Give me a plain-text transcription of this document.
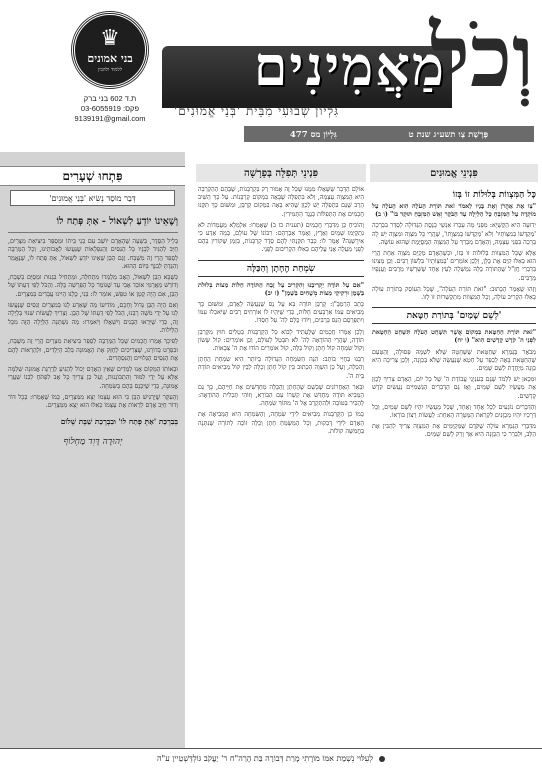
♛
בני אמונים
ללמוד ולהבין
ת.ד 602 בני ברק
פקס: 03-6055919
9139191@gmail.com
וְכֹל
מַאֲמִינִים
גִּלְיוֹן שְׁבוּעִי מִבֵּית 'בְּנֵי אֱמוּנִים'
פָּרָשַׁת צַו תשע״ג שנת ט
גִּלְיוֹן מס 477
פִּתְחוּ שְׁעָרִים
דְּבַר מוֹסַד נְשִׂיא 'בְּנֵי אֱמוּנִים'
וְשֶׁאֵינוֹ יוֹדֵעַ לִשְׁאוֹל - אַתְּ פְּתַח לוֹ

בְּלֵיל הַסֵּדֶר, בְּשָׁעָה שֶׁהָאָדָם יוֹשֵׁב עִם בְּנֵי בֵּיתוֹ וּמְסַפֵּר בִּיצִיאַת מִצְרַיִם, חַיָּב לְהַגִּיד לְבָנָיו כָּל הַנִּסִּים וְהַנִּפְלָאוֹת שֶׁנַּעֲשׂוּ לַאֲבוֹתֵינוּ, וְכָל הַמַּרְבֶּה לְסַפֵּר הֲרֵי זֶה מְשֻׁבָּח. וְגַם הַבֵּן שֶׁאֵינוֹ יוֹדֵעַ לִשְׁאוֹל, אַתְּ פְּתַח לוֹ, שֶׁנֶּאֱמַר וְהִגַּדְתָּ לְבִנְךָ בַּיּוֹם הַהוּא.

כְּשֶׁבָּא הַבֵּן לִשְׁאוֹל, הָאָב מְלַמְּדוֹ מִתְחִלָּה, וּמַתְחִיל בִּגְנוּת וּמְסַיֵּם בְּשֶׁבַח, וְדוֹרֵשׁ מֵאֲרַמִּי אוֹבֵד אָבִי עַד שֶׁגּוֹמֵר כָּל הַפָּרָשָׁה כֻּלָּהּ. וְהַכֹּל לְפִי דַּעְתּוֹ שֶׁל הַבֵּן, אִם הָיָה קָטָן אוֹ טִפֵּשׁ, אוֹמֵר לוֹ: בְּנִי, כֻּלָּנוּ הָיִינוּ עֲבָדִים בְּמִצְרַיִם.

וְאִם הָיָה הַבֵּן גָּדוֹל וְחָכָם, מוֹדִיעוֹ מַה שֶּׁאֵרַע לָנוּ בְּמִצְרַיִם וְנִסִּים שֶׁנַּעֲשׂוּ לָנוּ עַל יְדֵי מֹשֶׁה רַבֵּנוּ, הַכֹּל לְפִי דַּעְתּוֹ שֶׁל הַבֵּן. וְצָרִיךְ לַעֲשׂוֹת שִׁנּוּי בְּלַיְלָה זֶה, כְּדֵי שֶׁיִּרְאוּ הַבָּנִים וְיִשְׁאֲלוּ וְיֹאמְרוּ: מַה נִּשְׁתַּנָּה הַלַּיְלָה הַזֶּה מִכָּל הַלֵּילוֹת.

לְפִיכָךְ אָמְרוּ חֲכָמִים שֶׁכָּל הַמַּרְבֶּה לְסַפֵּר בִּיצִיאַת מִצְרַיִם הֲרֵי זֶה מְשֻׁבָּח, וּבִפְרָט בְּדוֹרֵנוּ, שֶׁצְּרִיכִים לְחַזֵּק אֶת הָאֱמוּנָה בְּלֵב הַיְּלָדִים, וּלְהַרְאוֹת לָהֶם אֶת הַנִּסִּים הַגְּלוּיִים וְהַנִּסְתָּרִים.

וּבְאוֹתוֹ הַמָּקוֹם אָנוּ לְמֵדִים שֶׁאֵין הָאָדָם יָכוֹל לְהַגִּיעַ לְדַרְגַּת אֱמוּנָה שְׁלֵמָה אֶלָּא עַל יְדֵי לִמּוּד וְהִתְבּוֹנְנוּת, וְעַל כֵּן צָרִיךְ כָּל אָב לִפְתֹּחַ לִבְנוֹ שַׁעֲרֵי אֱמוּנָה, כְּדֵי שֶׁיִּכָּנֵס בָּהֶם בְּשִׂמְחָה.

וְהָעִקָּר שֶׁיַּרְגִּישׁ הַבֵּן כִּי הוּא עַצְמוֹ יָצָא מִמִּצְרַיִם, כְּמוֹ שֶׁאָמְרוּ: בְּכָל דּוֹר וָדוֹר חַיָּב אָדָם לִרְאוֹת אֶת עַצְמוֹ כְּאִלּוּ הוּא יָצָא מִמִּצְרַיִם.

בְּבִרְכַּת 'אַתְּ פְּתַח לוֹ' וּבִבְרָכַת שַׁבָּת שָׁלוֹם
יְהוּדָה דָּוִד מַחְלוֹף
פִּנְינֵי אֱמוּנִים
פִּנְינֵי תְּפִלָּה בְּפָרָשָׁה
כָּל הַמִּצְווֹת בְּלוּלוֹת זוֹ בְּזוֹ

"צַו אֶת אַהֲרֹן וְאֶת בָּנָיו לֵאמֹר זֹאת תּוֹרַת הָעֹלָה הִוא הָעֹלָה עַל מוֹקְדָה עַל הַמִּזְבֵּחַ כָּל הַלַּיְלָה עַד הַבֹּקֶר וְאֵשׁ הַמִּזְבֵּחַ תּוּקַד בּוֹ" (ו ב)

יְדוּעָה הִיא הַקֻּשְׁיָא: מִפְּנֵי מָה עָבְרוּ אַנְשֵׁי כְּנֶסֶת הַגְּדוֹלָה לְסַדֵּר בִּבְרָכָה 'מְקַדְּשׁוֹ בְּמִצְוֹתָיו' וְלֹא 'מְקַדְּשׁוֹ בְּמִצְוָתוֹ', שֶׁהֲרֵי כָּל מִצְוָה וּמִצְוָה יֵשׁ לָהּ בְּרָכָה בִּפְנֵי עַצְמָהּ, וְהָאָדָם מְבָרֵךְ עַל הַמִּצְוָה הַמְסֻיֶּמֶת שֶׁהוּא עוֹשֶׂה.

אֶלָּא שֶׁכָּל הַמִּצְווֹת בְּלוּלוֹת זוֹ בְּזוֹ, וּכְשֶׁהָאָדָם מְקַיֵּם מִצְוָה אַחַת הֲרֵי הוּא כְּאִלּוּ קִיֵּם אֶת כֻּלָּן, וְלָכֵן אוֹמְרִים 'בְּמִצְוֹתָיו' בִּלְשׁוֹן רַבִּים. וְכֵן מָצִינוּ בְּדִבְרֵי חֲזַ"ל שֶׁהַתּוֹרָה כֻּלָּהּ נִמְשְׁלָה לְעֵץ אֶחָד שֶׁשָּׁרָשָׁיו מְרֻבִּים וַעֲנָפָיו מְרֻבִּים.

וְזֶהוּ שֶׁאָמַר הַכָּתוּב: "זֹאת תּוֹרַת הָעֹלָה", שֶׁכָּל הָעוֹסֵק בְּתוֹרַת עוֹלָה כְּאִלּוּ הִקְרִיב עוֹלָה, וְכָל הַמִּצְווֹת מִתְקַשְּׁרוֹת זוֹ לְזוֹ.

'לְשֵׁם שָׁמַיִם' בְּתוֹרַת חַטָּאת

"זֹאת תּוֹרַת הַחַטָּאת בִּמְקוֹם אֲשֶׁר תִּשָּׁחֵט הָעֹלָה תִּשָּׁחֵט הַחַטָּאת לִפְנֵי ה' קֹדֶשׁ קָדָשִׁים הִוא" (ו יח)

מְבֹאָר בַּגְּמָרָא שֶׁחַטָּאת שֶׁשְּׁחָטָהּ שֶׁלֹּא לִשְׁמָהּ פְּסוּלָה, וְהַטַּעַם שֶׁהַחַטָּאת בָּאָה לְכַפֵּר עַל חֵטְא שֶׁנַּעֲשָׂה שֶׁלֹּא בְּכַוָּנָה, וְלָכֵן צְרִיכָה הִיא כַּוָּנָה מְיֻחֶדֶת לְשֵׁם שָׁמַיִם.

וּמִכָּאן יֵשׁ לִלְמֹד שֶׁגַּם בְּעִנְיְנֵי עֲבוֹדַת ה' שֶׁל כָּל יוֹם, הָאָדָם צָרִיךְ לְכַוֵּן אֶת מַעֲשָׂיו לְשֵׁם שָׁמַיִם, וְאָז גַּם הַדְּבָרִים הַגַּשְׁמִיִּים נַעֲשִׂים קֹדֶשׁ קָדָשִׁים.

וְהַדְּבָרִים נוֹגְעִים לְכָל אֶחָד וְאֶחָד, שֶׁכָּל מַעֲשָׂיו יִהְיוּ לְשֵׁם שָׁמַיִם, וְכָל דְּרָכָיו יִהְיוּ מְכֻוָּנִים לִקְרָאת הַמַּטָּרָה הָאַחַת: לַעֲשׂוֹת רְצוֹן בּוֹרְאוֹ.

מִדִּבְרֵי הַגְּמָרָא עוֹלֶה שֶׁקֹּדֶם שֶׁמְּקַיְּמִים אֶת הַמִּצְוָה צָרִיךְ לְהַכִּין אֶת הַלֵּב, וּלְבָרֵר כִּי הַכַּוָּנָה הִיא אַךְ וְרַק לְשֵׁם שָׁמַיִם.

אוֹלָם הַדָּבָר שֶׁשָּׁאֲלוּ מִמֶּנּוּ שֶׁכָּל זֶה אָמוּר רַק בְּקָרְבָּנוֹת, שֶׁבָּהֶם הַהַקְרָבָה הִיא הַמִּצְוָה עַצְמָהּ, וְלֹא בִּתְפִלָּה שֶׁבָּאָה בִּמְקוֹם קָרְבָּנוֹת. עַל כָּךְ הֵשִׁיב הָרַב שֶׁגַּם בִּתְפִלָּה יֵשׁ לְכַוֵּן שֶׁהִיא בָּאָה בִּמְקוֹם קָרְבָּן, וּמִשּׁוּם כָּךְ תִּקְּנוּ חֲכָמִים אֶת הַתְּפִלּוֹת כְּנֶגֶד הַתְּמִידִין.

וְהוֹכִיחַ כֵּן מִדִּבְרֵי חֲכָמִים (תענית כז ב) שֶׁאָמְרוּ: אִלְמָלֵא מַעֲמָדוֹת לֹא נִתְקַיְּמוּ שָׁמַיִם וָאָרֶץ, וְאָמַר אַבְרָהָם: רִבּוֹנוֹ שֶׁל עוֹלָם, בְּמָה אֵדַע כִּי אִירָשֶׁנָּה? אָמַר לוֹ: כְּבָר תִּקַּנְתִּי לָהֶם סֵדֶר קָרְבָּנוֹת, בִּזְמַן שֶׁקּוֹרִין בָּהֶם לְפָנַי מַעֲלֶה אֲנִי עֲלֵיהֶם כְּאִלּוּ הִקְרִיבוּם לְפָנַי.

שִׂמְחַת הֶחָתָן וְהַכַּלָּה

"אִם עַל תּוֹדָה יַקְרִיבֶנּוּ וְהִקְרִיב עַל זֶבַח הַתּוֹדָה חַלּוֹת מַצּוֹת בְּלוּלֹת בַּשֶּׁמֶן וּרְקִיקֵי מַצּוֹת מְשֻׁחִים בַּשָּׁמֶן" (ז יב)

כָּתַב הָרַמְבַּ"ן: קָרְבַּן תּוֹדָה בָּא עַל נֵס שֶׁנַּעֲשָׂה לָאָדָם, וּמִשּׁוּם כָּךְ מְבִיאִים עִמּוֹ אַרְבָּעִים חַלּוֹת, כְּדֵי שֶׁיִּהְיוּ לוֹ אוֹרְחִים רַבִּים שֶׁיֹּאכְלוּ עִמּוֹ וְיִתְפַּרְסֵם הַנֵּס בָּרַבִּים, וְיוֹדוּ כֻּלָּם לַה' עַל חַסְדּוֹ.

וְלָכֵן אָמְרוּ חֲכָמִים שֶׁלֶּעָתִיד לָבוֹא כָּל הַקָּרְבָּנוֹת בְּטֵלִים חוּץ מִקָּרְבַּן תּוֹדָה, שֶׁהֲרֵי הַהוֹדָאָה לַה' לֹא תִּבָּטֵל לְעוֹלָם, וְכֵן אוֹמְרִים: קוֹל שָׂשׂוֹן וְקוֹל שִׂמְחָה קוֹל חָתָן וְקוֹל כַּלָּה, קוֹל אוֹמְרִים הוֹדוּ אֶת ה' צְבָאוֹת.

רַבֵּנוּ בְּחַיֵּי כּוֹתֵב: הִנֵּה הַשִּׂמְחָה הַגְּדוֹלָה בְּיוֹתֵר הִיא שִׂמְחַת הֶחָתָן וְהַכַּלָּה, וְעַל כֵּן הִשְׁוָה הַכָּתוּב בֵּין קוֹל חָתָן וְכַלָּה לְבֵין קוֹל מְבִיאִים תּוֹדָה בֵּית ה'.

וּבֵאֵר הָאַחֲרוֹנִים שֶׁכְּשֵׁם שֶׁהֶחָתָן וְהַכַּלָּה מְחַדְּשִׁים אֶת חַיֵּיהֶם, כָּךְ גַּם הַמֵּבִיא תּוֹדָה מְחַדֵּשׁ אֶת קִשְׁרוֹ עִם הַבּוֹרֵא, וְזוֹהִי תַּכְלִית הַהוֹדָאָה: לְהַכִּיר בַּטּוֹבָה וּלְהִתְקָרֵב אֶל ה' מִתּוֹךְ שִׂמְחָה.

כְּמוֹ כֵן הַקָּרְבָּנוֹת מְבִיאִים לִידֵי שִׂמְחָה, וְהַשִּׂמְחָה הִיא הַמְּבִיאָה אֶת הָאָדָם לִידֵי דְּבֵקוּת, וְכָל הַמְּשַׂמֵּחַ חָתָן וְכַלָּה זוֹכֶה לְתוֹרָה שֶׁנִּתְּנָה בַּחֲמִשָּׁה קוֹלוֹת.

לְעִלּוּי נִשְׁמַת אִמּוֹ מוֹרָתִי מָרַת דְּבוֹרָה בַּת הָרַה"ח ר' יַעֲקֹב גּוֹלְדְּשְׁטֵיין ע"ה
